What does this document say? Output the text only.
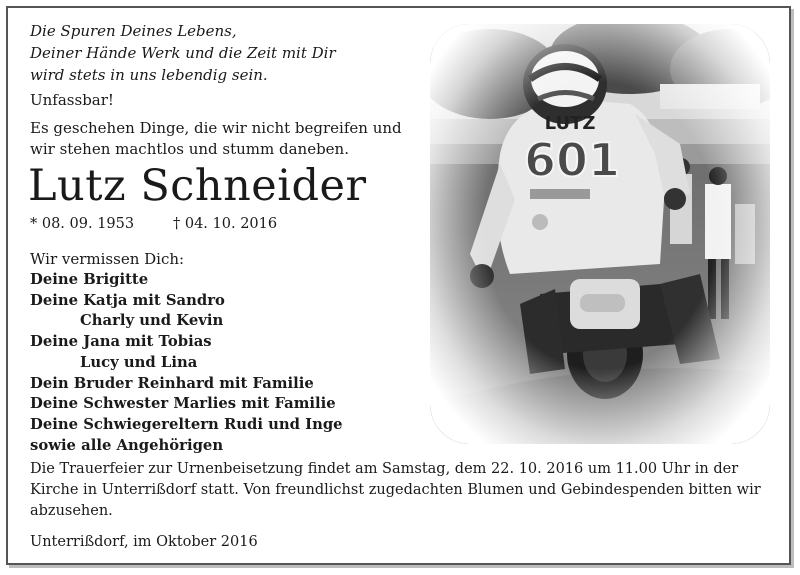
Die Spuren Deines Lebens,
Deiner Hände Werk und die Zeit mit Dir
wird stets in uns lebendig sein.
Unfassbar!
Es geschehen Dinge, die wir nicht begreifen und
wir stehen machtlos und stumm daneben.
Lutz Schneider
* 08. 09. 1953	† 04. 10. 2016
Wir vermissen Dich:
Deine Brigitte
Deine Katja mit Sandro
Charly und Kevin
Deine Jana mit Tobias
Lucy und Lina
Dein Bruder Reinhard mit Familie
Deine Schwester Marlies mit Familie
Deine Schwiegereltern Rudi und Inge
sowie alle Angehörigen
Die Trauerfeier zur Urnenbeisetzung findet am Samstag, dem 22. 10. 2016 um 11.00 Uhr in der
Kirche in Unterrißdorf statt. Von freundlichst zugedachten Blumen und Gebindespenden bitten wir
abzusehen.
Unterrißdorf, im Oktober 2016
